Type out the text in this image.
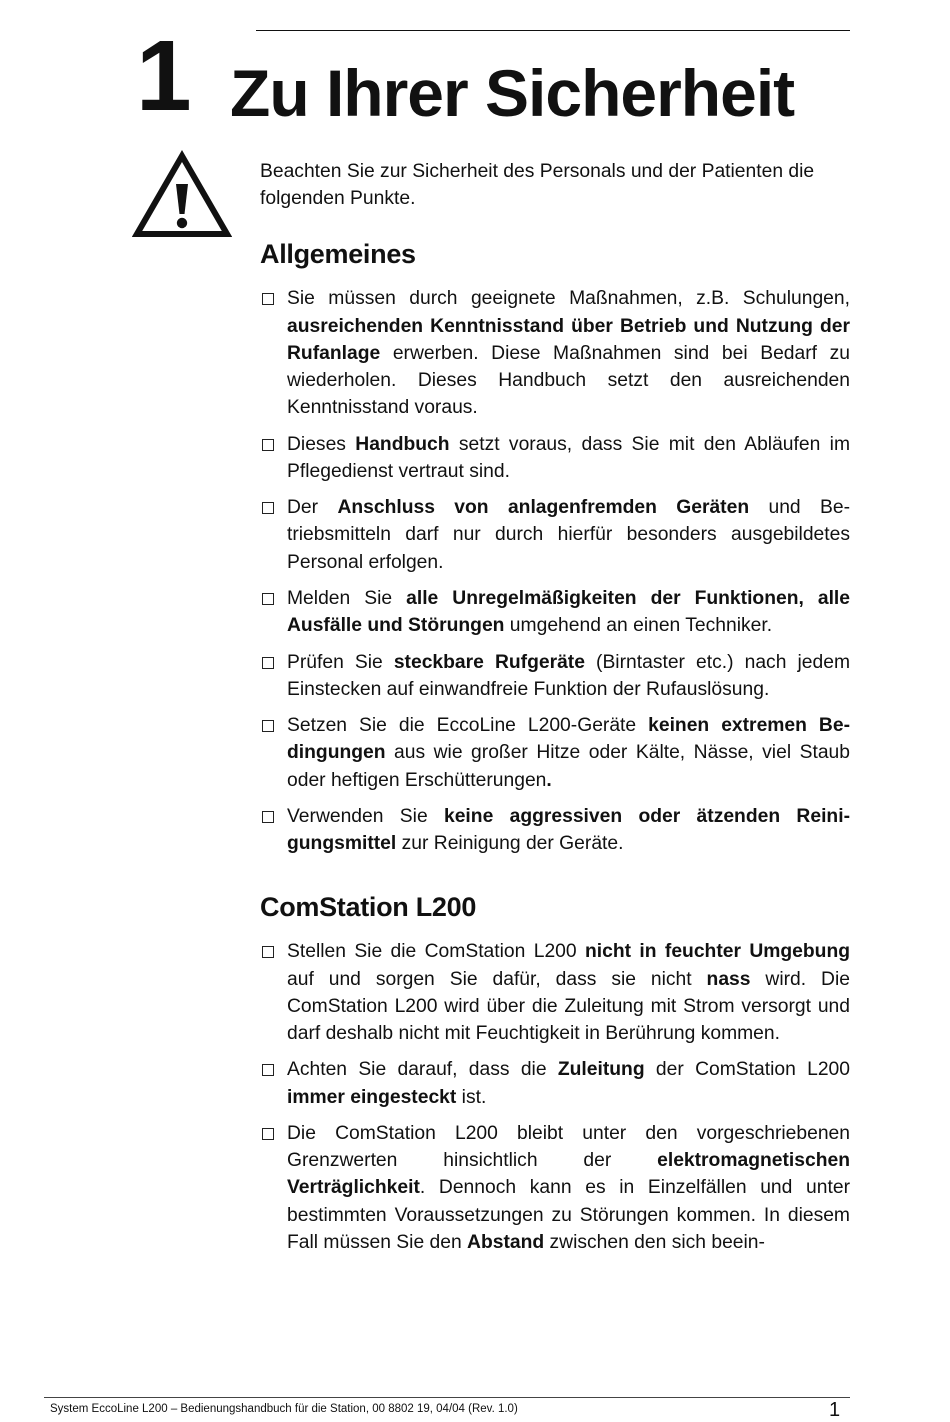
1 Zu Ihrer Sicherheit

Beachten Sie zur Sicherheit des Personals und der Patienten die folgenden Punkte.

Allgemeines
Sie müssen durch geeignete Maßnahmen, z.B. Schulungen, ausreichenden Kenntnisstand über Betrieb und Nutzung der Rufanlage erwerben. Diese Maßnahmen sind bei Bedarf zu wiederholen. Dieses Handbuch setzt den ausreichenden Kenntnisstand voraus.
Dieses Handbuch setzt voraus, dass Sie mit den Abläufen im Pflegedienst vertraut sind.
Der Anschluss von anlagenfremden Geräten und Betriebsmitteln darf nur durch hierfür besonders ausgebildetes Personal erfolgen.
Melden Sie alle Unregelmäßigkeiten der Funktionen, alle Ausfälle und Störungen umgehend an einen Techniker.
Prüfen Sie steckbare Rufgeräte (Birntaster etc.) nach jedem Einstecken auf einwandfreie Funktion der Rufauslösung.
Setzen Sie die EccoLine L200-Geräte keinen extremen Bedingungen aus wie großer Hitze oder Kälte, Nässe, viel Staub oder heftigen Erschütterungen.
Verwenden Sie keine aggressiven oder ätzenden Reinigungsmittel zur Reinigung der Geräte.
ComStation L200
Stellen Sie die ComStation L200 nicht in feuchter Umgebung auf und sorgen Sie dafür, dass sie nicht nass wird. Die ComStation L200 wird über die Zuleitung mit Strom versorgt und darf deshalb nicht mit Feuchtigkeit in Berührung kommen.
Achten Sie darauf, dass die Zuleitung der ComStation L200 immer eingesteckt ist.
Die ComStation L200 bleibt unter den vorgeschriebenen Grenzwerten hinsichtlich der elektromagnetischen Verträglichkeit. Dennoch kann es in Einzelfällen und unter bestimmten Voraussetzungen zu Störungen kommen. In diesem Fall müssen Sie den Abstand zwischen den sich beein-
System EccoLine L200 – Bedienungshandbuch für die Station, 00 8802 19, 04/04 (Rev. 1.0)	1
